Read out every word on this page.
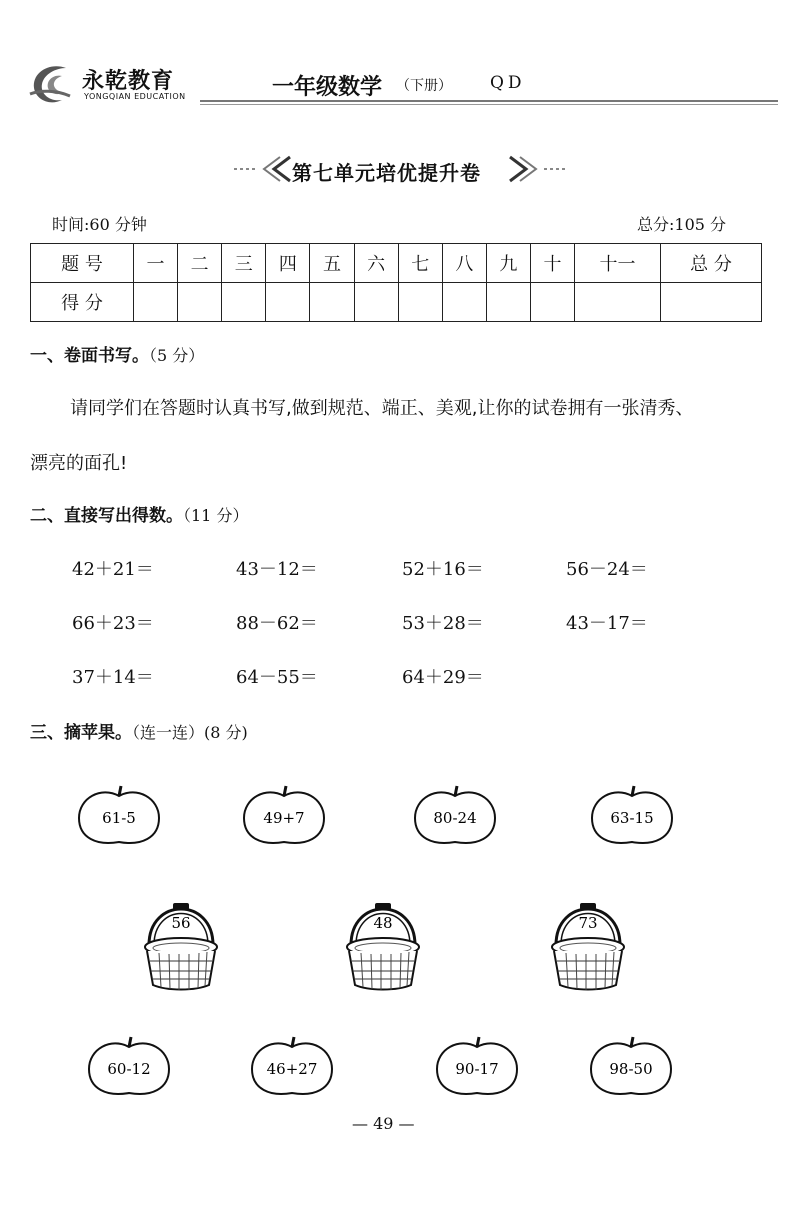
永乾教育
YONGQIAN EDUCATION	一年级数学 （下册） QD
第七单元培优提升卷
时间:60 分钟	总分:105 分
题 号	一	二	三	四	五	六	七	八	九	十	十一	总 分
得 分												
一、卷面书写。（5 分）
请同学们在答题时认真书写,做到规范、端正、美观,让你的试卷拥有一张清秀、
漂亮的面孔!
二、直接写出得数。（11 分）
42＋21＝	43－12＝	52＋16＝	56－24＝
66＋23＝	88－62＝	53＋28＝	43－17＝
37＋14＝	64－55＝	64＋29＝
三、摘苹果。（连一连）(8 分)
61-5	49+7	80-24	63-15
56	48	73
60-12	46+27	90-17	98-50
— 49 —
